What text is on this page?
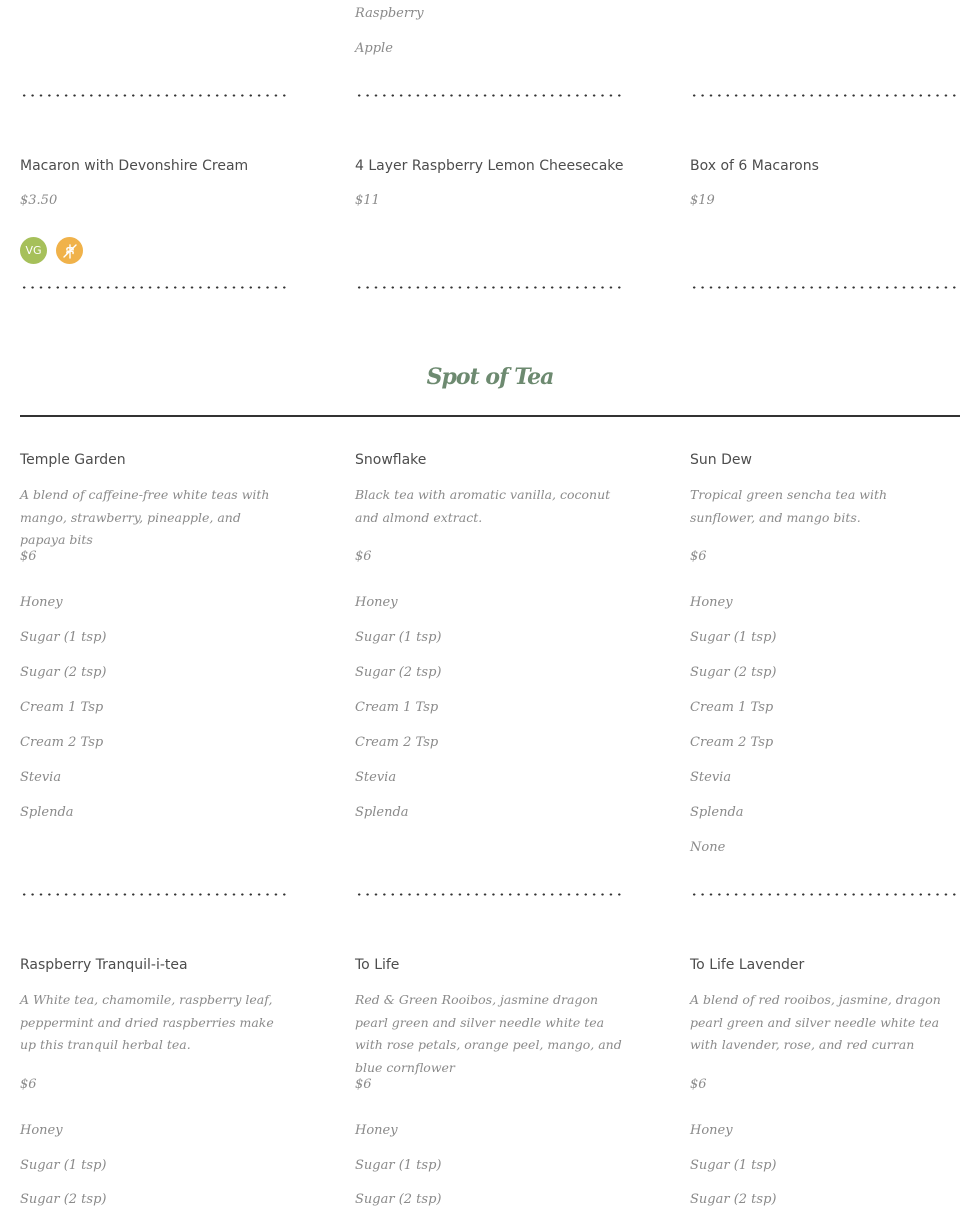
Raspberry
Apple
Macaron with Devonshire Cream
$3.50
VG
4 Layer Raspberry Lemon Cheesecake
$11
Box of 6 Macarons
$19
Spot of Tea
Temple Garden
A blend of caffeine-free white teas with mango, strawberry, pineapple, and papaya bits
$6
Honey
Sugar (1 tsp)
Sugar (2 tsp)
Cream 1 Tsp
Cream 2 Tsp
Stevia
Splenda
Snowflake
Black tea with aromatic vanilla, coconut and almond extract.
$6
Honey
Sugar (1 tsp)
Sugar (2 tsp)
Cream 1 Tsp
Cream 2 Tsp
Stevia
Splenda
Sun Dew
Tropical green sencha tea with sunflower, and mango bits.
$6
Honey
Sugar (1 tsp)
Sugar (2 tsp)
Cream 1 Tsp
Cream 2 Tsp
Stevia
Splenda
None
Raspberry Tranquil-i-tea
A White tea, chamomile, raspberry leaf, peppermint and dried raspberries make up this tranquil herbal tea.
$6
Honey
Sugar (1 tsp)
Sugar (2 tsp)
To Life
Red & Green Rooibos, jasmine dragon pearl green and silver needle white tea with rose petals, orange peel, mango, and blue cornflower
$6
Honey
Sugar (1 tsp)
Sugar (2 tsp)
To Life Lavender
A blend of red rooibos, jasmine, dragon pearl green and silver needle white tea with lavender, rose, and red curran
$6
Honey
Sugar (1 tsp)
Sugar (2 tsp)
